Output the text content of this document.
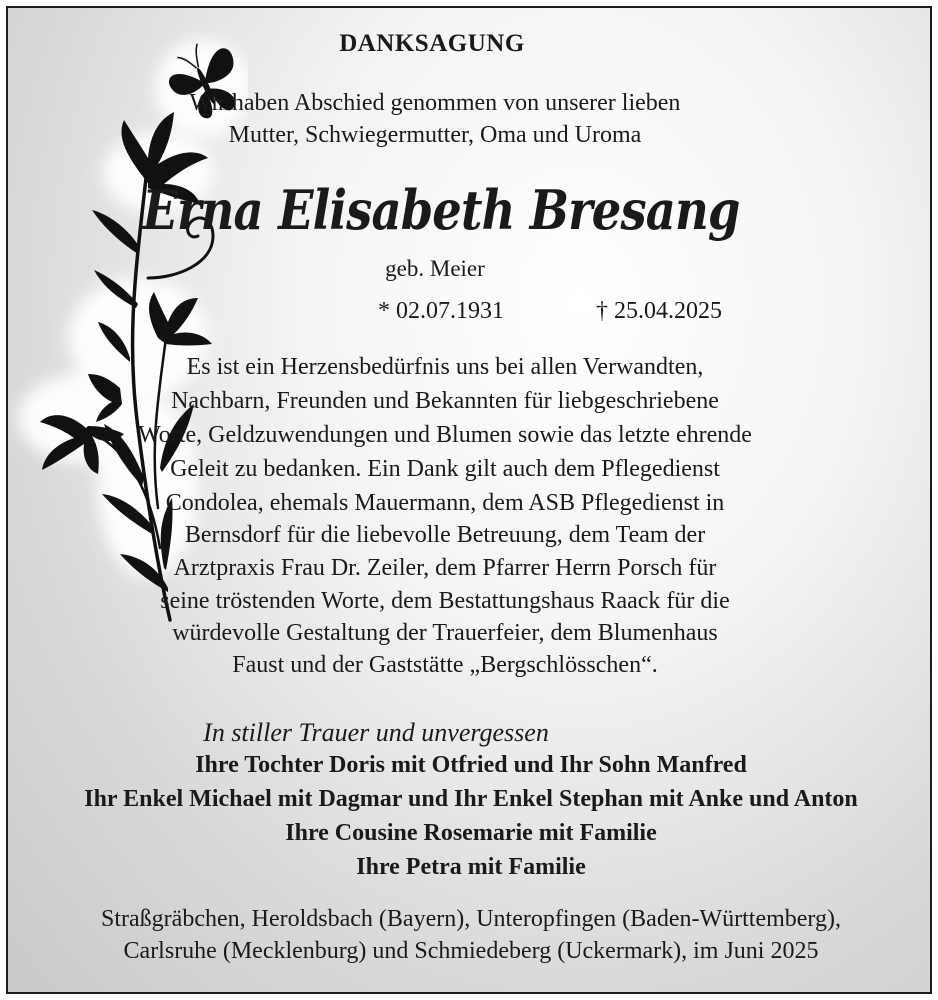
DANKSAGUNG
Wir haben Abschied genommen von unserer lieben
Mutter, Schwiegermutter, Oma und Uroma
Erna Elisabeth Bresang
geb. Meier
* 02.07.1931	† 25.04.2025
Es ist ein Herzensbedürfnis uns bei allen Verwandten,
Nachbarn, Freunden und Bekannten für liebgeschriebene
Worte, Geldzuwendungen und Blumen sowie das letzte ehrende
Geleit zu bedanken. Ein Dank gilt auch dem Pflegedienst
Condolea, ehemals Mauermann, dem ASB Pflegedienst in
Bernsdorf für die liebevolle Betreuung, dem Team der
Arztpraxis Frau Dr. Zeiler, dem Pfarrer Herrn Porsch für
seine tröstenden Worte, dem Bestattungshaus Raack für die
würdevolle Gestaltung der Trauerfeier, dem Blumenhaus
Faust und der Gaststätte „Bergschlösschen“.
In stiller Trauer und unvergessen
Ihre Tochter Doris mit Otfried und Ihr Sohn Manfred
Ihr Enkel Michael mit Dagmar und Ihr Enkel Stephan mit Anke und Anton
Ihre Cousine Rosemarie mit Familie
Ihre Petra mit Familie
Straßgräbchen, Heroldsbach (Bayern), Unteropfingen (Baden-Württemberg),
Carlsruhe (Mecklenburg) und Schmiedeberg (Uckermark), im Juni 2025
